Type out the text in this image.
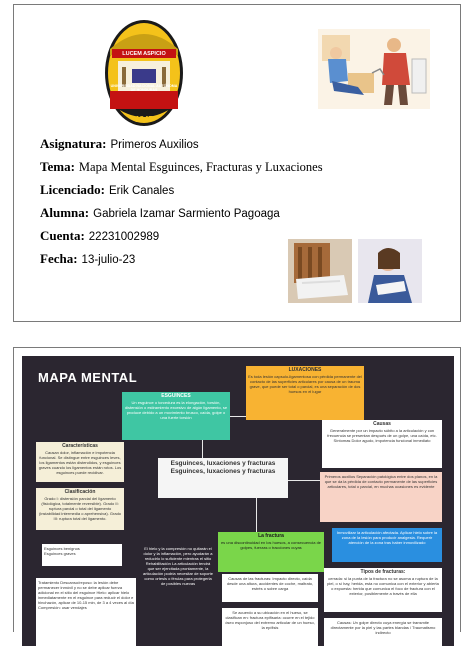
LUCEM ASPICIO
UNIVERSIDAD NACIONAL AUTÓNOMA DE HONDURAS
1847
Asignatura: Primeros Auxilios
Tema: Mapa Mental Esguinces, Fracturas y Luxaciones
Licenciado: Erik Canales
Alumna: Gabriela Izamar Sarmiento Pagoaga
Cuenta: 22231002989
Fecha: 13-julio-23
MAPA MENTAL
ESGUINCES
Un esguince o torcedura es la elongación, torsión, distensión o estiramiento excesivo de algún ligamento, se produce debido a un movimiento brusco, caída, golpe o una fuerte torsión
LUXACIONES
Es toda lesión capsulo-ligamentosa con pérdida permanente del contacto de las superficies articulares por causa de un trauma grave, que puede ser total o parcial, es una separación de dos huesos en el lugar
Características
Causan dolor, inflamación e impotencia funcional. Se distingue entre esguinces leves, los ligamentos están distendidos, y esguinces graves cuando los ligamentos están rotos. Los esguinces puede recidivar.
Clasificación
Grado I: distensión parcial del ligamento (fisiológica, totalmente reversible). Grado II: ruptura parcial o total del ligamento (instabilidad intermedia o aprehensiva). Grado III: ruptura total del ligamento.
Causas
Generalmente por un impacto súbito a la articulación y con frecuencia se presentan después de un golpe, una caída, etc. Síntomas Dolor agudo, impotencia funcional inmediato
Esguinces, luxaciones y fracturas Esguinces, luxaciones y fracturas
Primeros auxilios Separación patológica entre dos planos, en la que se da la pérdida de contacto permanente de las superficies articulares, total o parcial, en muchas ocasiones es evidente
Esguinces benignos
Esguinces graves
La fractura
es una discontinuidad en los huesos, a consecuencia de golpes, fuerzas o tracciones cuyas
Inmovilizar la articulación afectada. Aplicar hielo sobre la zona de la lesión para producir analgesia. Requerir atención de la zona tras haber inmovilizado
Tratamiento Descanso/reposo: la lesión debe permanecer inmóvil y no se debe aplicar fuerza adicional en el sitio del esguince Hielo: aplicar hielo inmediatamente en el esguince para reducir el dolor e hinchazón, aplicar de 10-15 min, de 3 a 4 veces al día Compresión: usar vendajes
El hielo y la compresión no quitarán el dolor y la inflamación, pero ayudarán a reducirlo lo suficiente mientras el sitio Rehabilitación La articulación tendrá que ser ejercitada prontamente, la articulación podría necesitar de soporte como ortesis o férulas para protegerla de posibles nuevas
Causas de las fracturas: Impacto directo, caída desde una altura, accidentes de coche, maltrato, estrés o sobre carga
Se acuerdo a su ubicación en el hueso, se clasifican en: fractura epifisaria: ocurre en el tejido óseo esponjoso del extremo articular de un hueso, la epífisis
Tipos de fracturas:
cerrada: si la punta de la fractura no se asoma a ruptura de la piel, o sí hay, herida, esta no comunica con el exterior y abierta o expuesta: herida que comunica el foco de fractura con el exterior, posiblemente a través de ella
Causas: Un golpe directo cuya energía se transmite directamente por la piel y las partes blandas / Traumatismo indirecto
